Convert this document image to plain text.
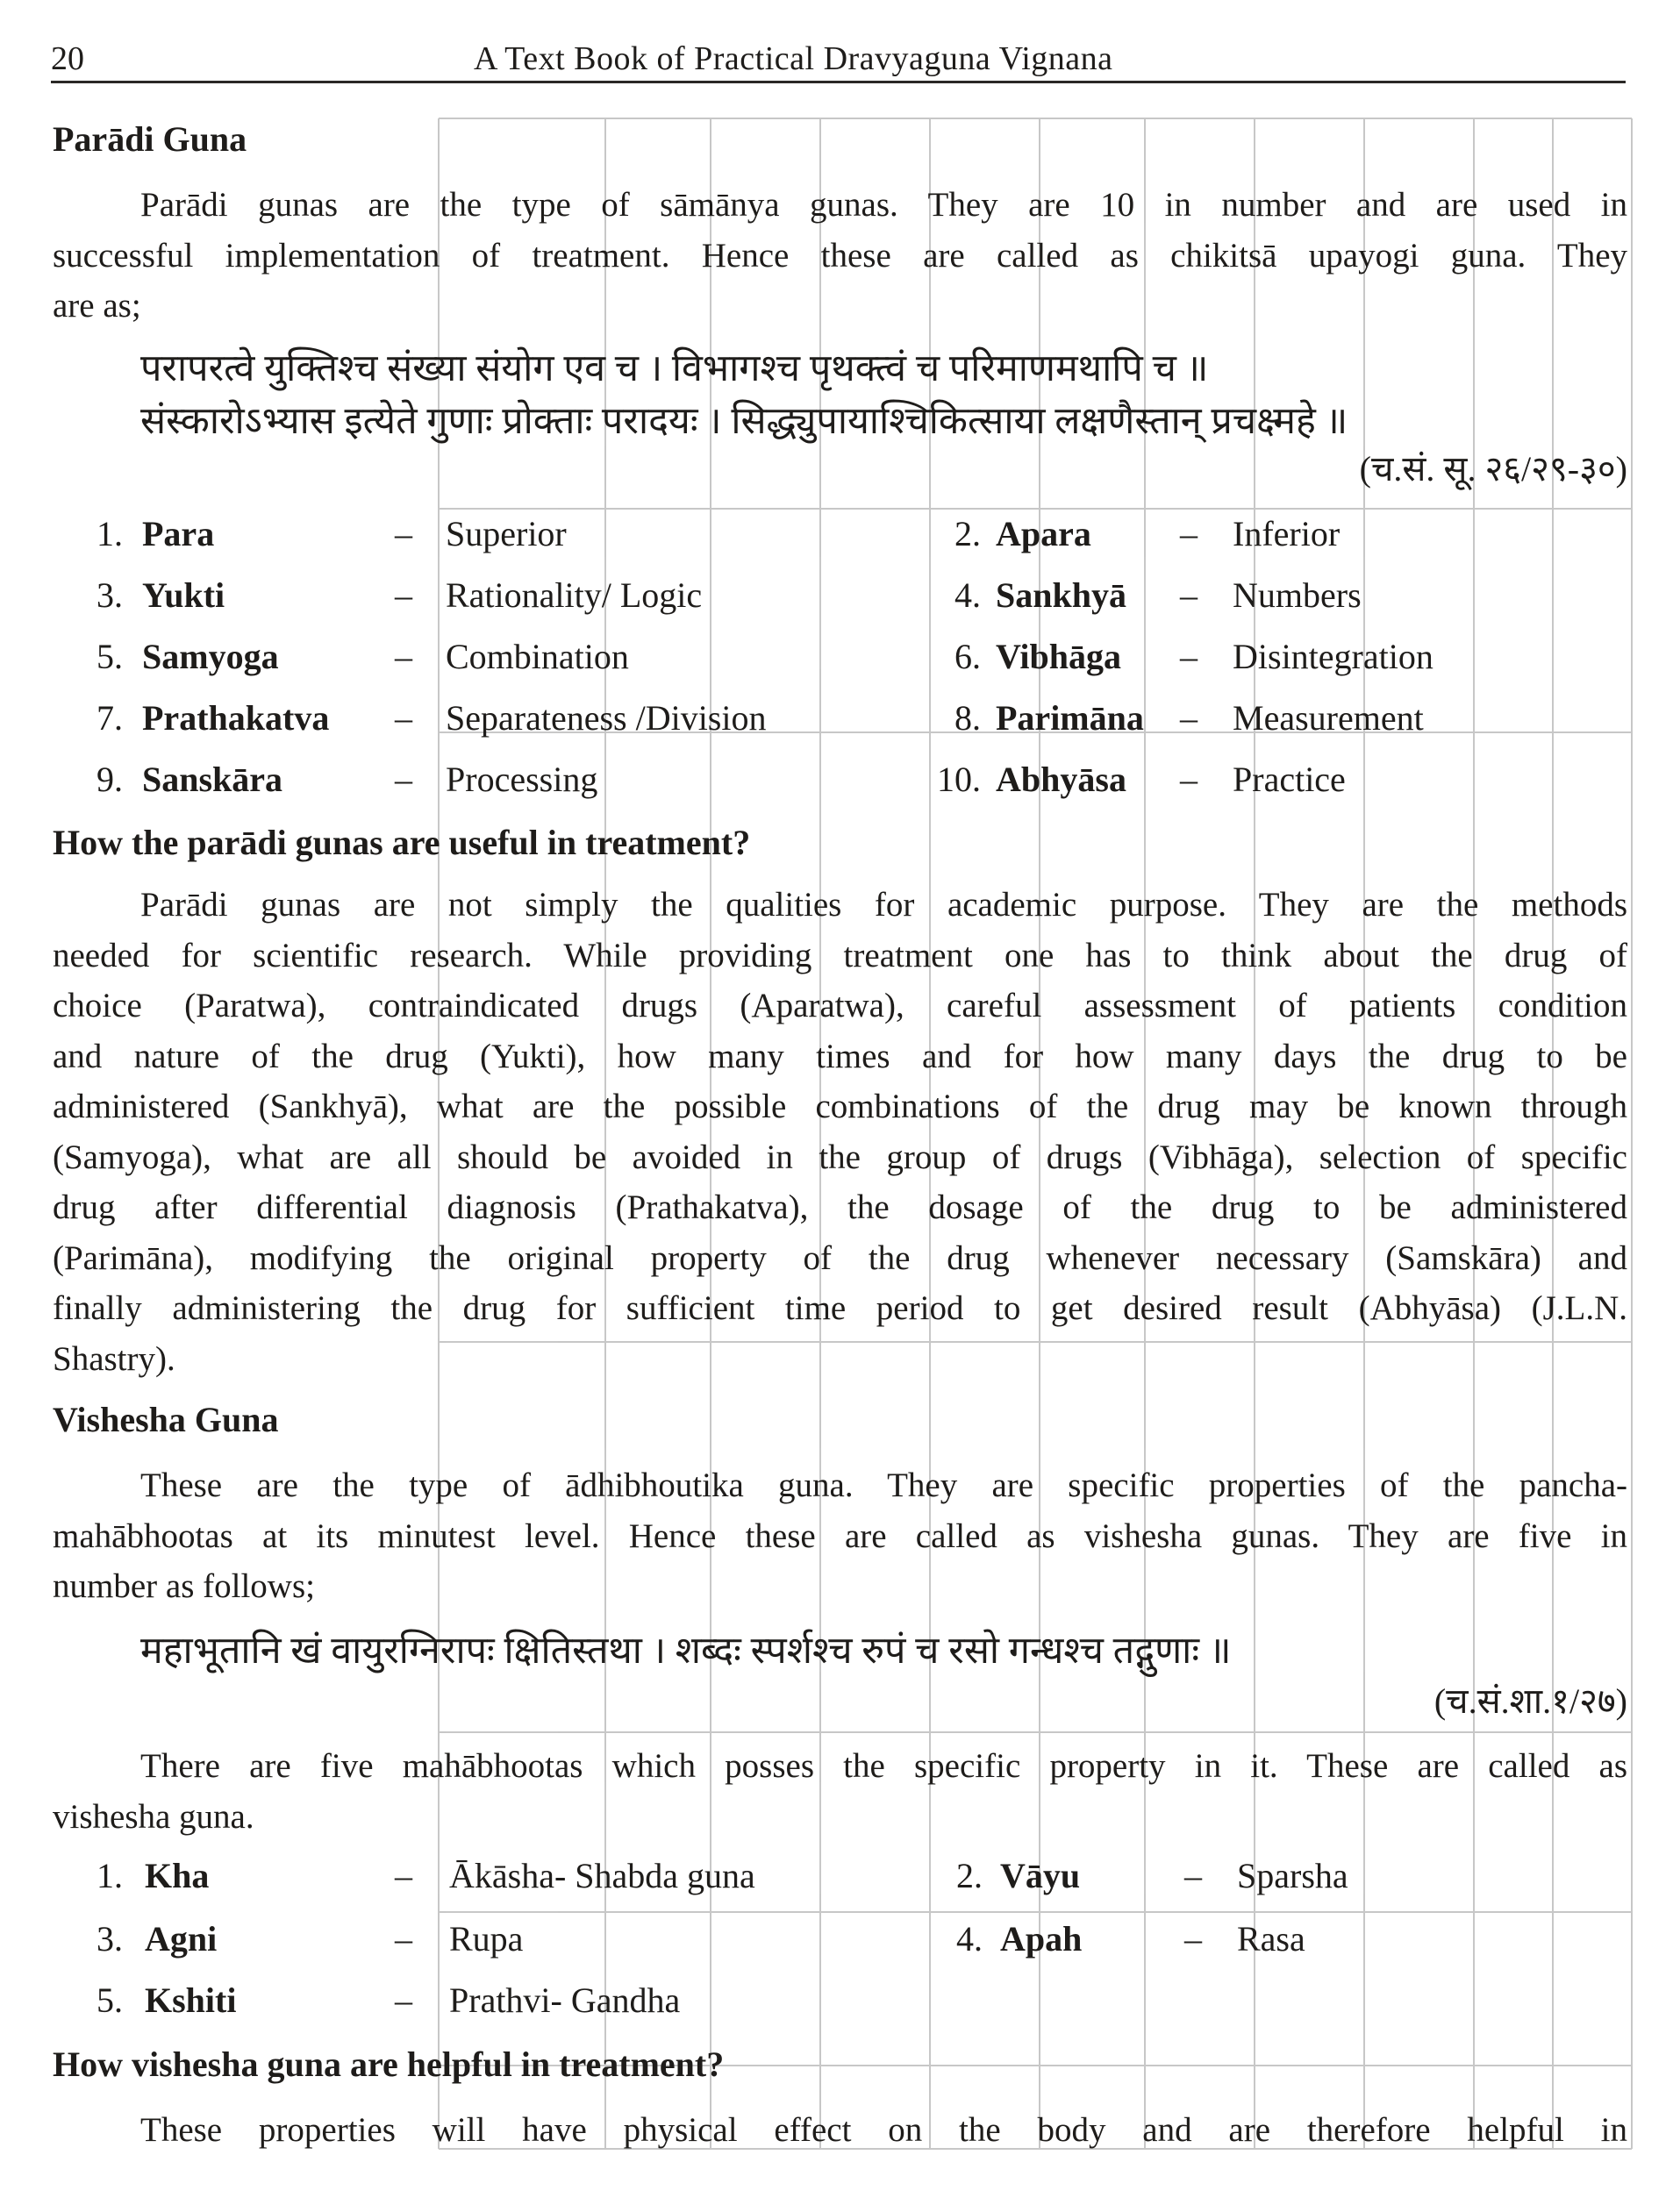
20	A Text Book of Practical Dravyaguna Vignana
Parādi Guna
Parādi gunas are the type of sāmānya gunas. They are 10 in number and are used in
successful implementation of treatment. Hence these are called as chikitsā upayogi guna. They
are as;
परापरत्वे युक्तिश्च संख्या संयोग एव च । विभागश्च पृथक्त्वं च परिमाणमथापि च ॥
संस्कारोऽभ्यास इत्येते गुणाः प्रोक्ताः परादयः । सिद्ध्युपायाश्चिकित्साया लक्षणैस्तान् प्रचक्ष्महे ॥
(च.सं. सू. २६/२९-३०)
1. Para	– Superior	2. Apara	– Inferior
3. Yukti	– Rationality/ Logic	4. Sankhyā – Numbers
5. Samyoga	– Combination	6. Vibhāga – Disintegration
7. Prathakatva – Separateness /Division	8. Parimāna – Measurement
9. Sanskāra	– Processing	10. Abhyāsa – Practice
How the parādi gunas are useful in treatment?
Parādi gunas are not simply the qualities for academic purpose. They are the methods
needed for scientific research. While providing treatment one has to think about the drug of
choice (Paratwa), contraindicated drugs (Aparatwa), careful assessment of patients condition
and nature of the drug (Yukti), how many times and for how many days the drug to be
administered (Sankhyā), what are the possible combinations of the drug may be known through
(Samyoga), what are all should be avoided in the group of drugs (Vibhāga), selection of specific
drug after differential diagnosis (Prathakatva), the dosage of the drug to be administered
(Parimāna), modifying the original property of the drug whenever necessary (Samskāra) and
finally administering the drug for sufficient time period to get desired result (Abhyāsa) (J.L.N.
Shastry).
Vishesha Guna
These are the type of ādhibhoutika guna. They are specific properties of the pancha-
mahābhootas at its minutest level. Hence these are called as vishesha gunas. They are five in
number as follows;
महाभूतानि खं वायुरग्निरापः क्षितिस्तथा । शब्दः स्पर्शश्च रुपं च रसो गन्धश्च तद्गुणाः ॥
(च.सं.शा.१/२७)
There are five mahābhootas which posses the specific property in it. These are called as
vishesha guna.
1. Kha	– Ākāsha- Shabda guna	2. Vāyu	– Sparsha
3. Agni	– Rupa	4. Apah	– Rasa
5. Kshiti	– Prathvi- Gandha
How vishesha guna are helpful in treatment?
These properties will have physical effect on the body and are therefore helpful in
